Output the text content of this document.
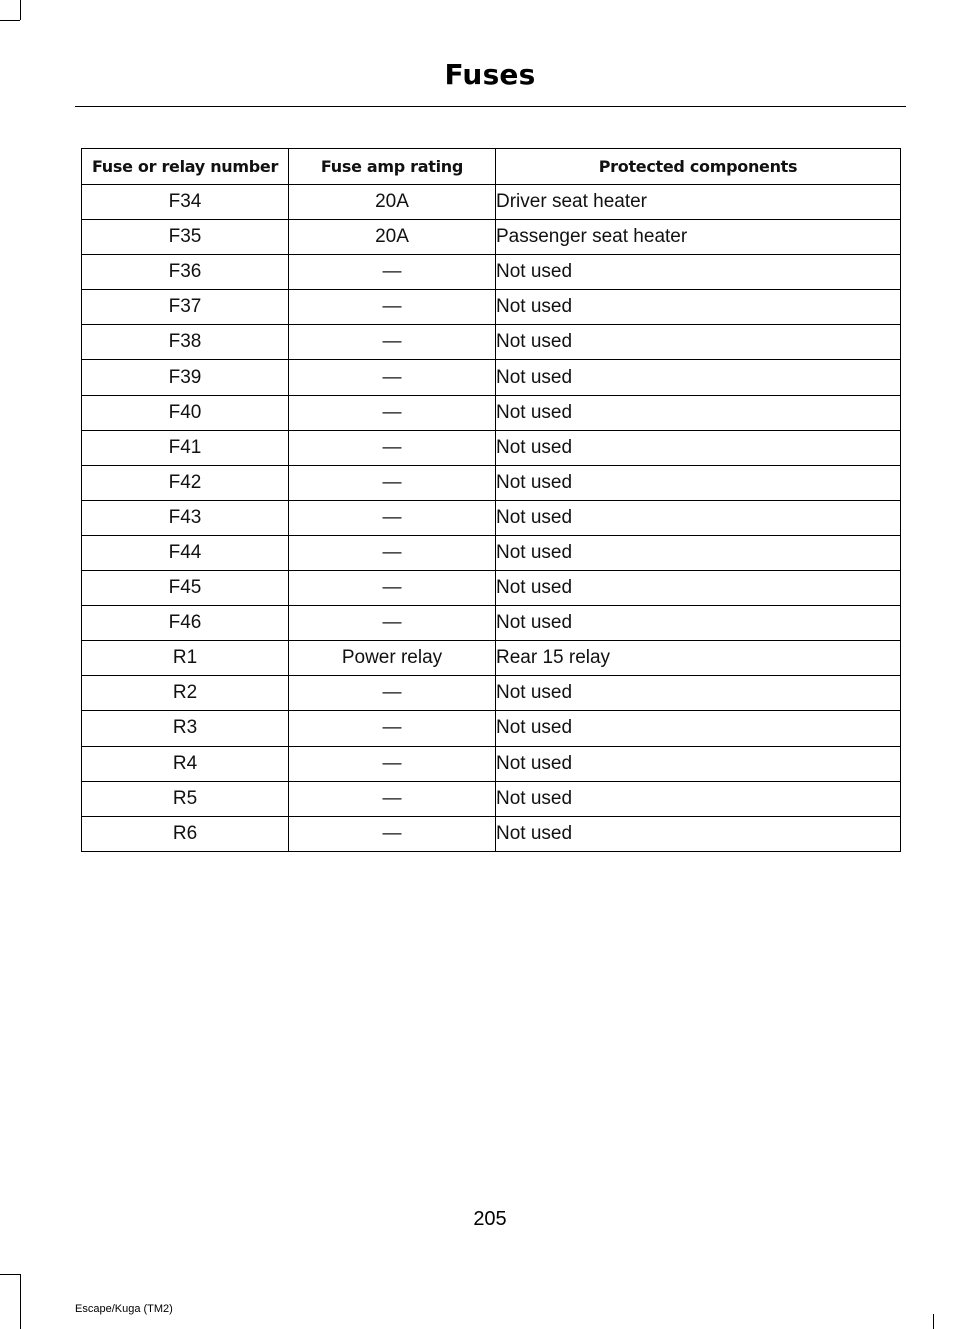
Fuses
Fuse or relay number	Fuse amp rating	Protected components
F34	20A	Driver seat heater
F35	20A	Passenger seat heater
F36	—	Not used
F37	—	Not used
F38	—	Not used
F39	—	Not used
F40	—	Not used
F41	—	Not used
F42	—	Not used
F43	—	Not used
F44	—	Not used
F45	—	Not used
F46	—	Not used
R1	Power relay	Rear 15 relay
R2	—	Not used
R3	—	Not used
R4	—	Not used
R5	—	Not used
R6	—	Not used
205
Escape/Kuga (TM2)
